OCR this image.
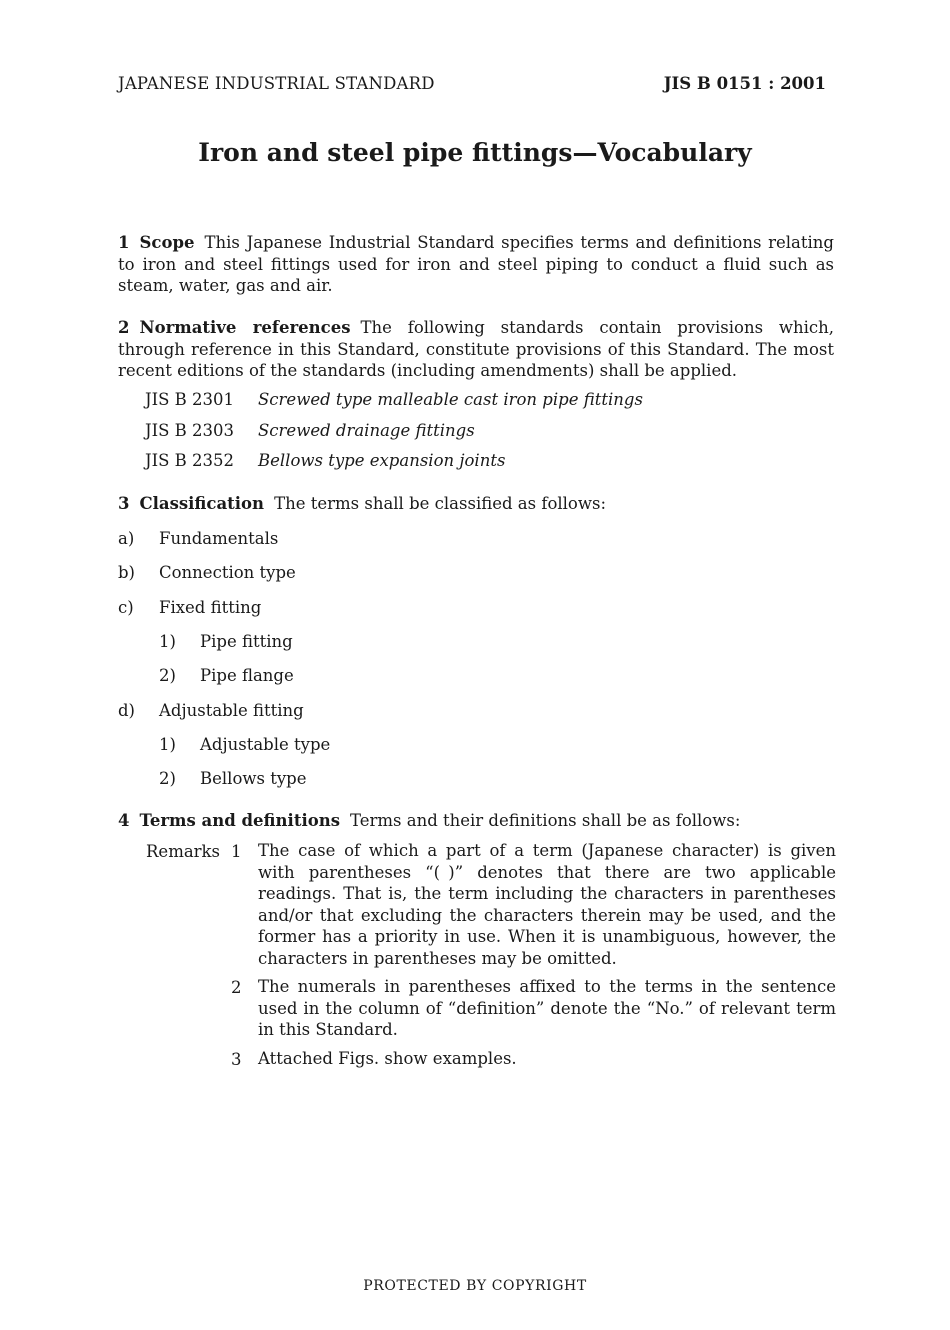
JAPANESE INDUSTRIAL STANDARD	JIS B 0151 : 2001
Iron and steel pipe fittings—Vocabulary
1 Scope This Japanese Industrial Standard specifies terms and definitions relating to iron and steel fittings used for iron and steel piping to conduct a fluid such as steam, water, gas and air.
2 Normative references The following standards contain provisions which, through reference in this Standard, constitute provisions of this Standard. The most recent editions of the standards (including amendments) shall be applied.
JIS B 2301 Screwed type malleable cast iron pipe fittings
JIS B 2303 Screwed drainage fittings
JIS B 2352 Bellows type expansion joints
3 Classification The terms shall be classified as follows:
a) Fundamentals
b) Connection type
c) Fixed fitting
1) Pipe fitting
2) Pipe flange
d) Adjustable fitting
1) Adjustable type
2) Bellows type
4 Terms and definitions Terms and their definitions shall be as follows:
Remarks 1 The case of which a part of a term (Japanese character) is given with parentheses “( )” denotes that there are two applicable readings. That is, the term including the characters in parentheses and/or that excluding the characters therein may be used, and the former has a priority in use. When it is unambiguous, however, the characters in parentheses may be omitted.
2 The numerals in parentheses affixed to the terms in the sentence used in the column of “definition” denote the “No.” of relevant term in this Standard.
3 Attached Figs. show examples.
PROTECTED BY COPYRIGHT
